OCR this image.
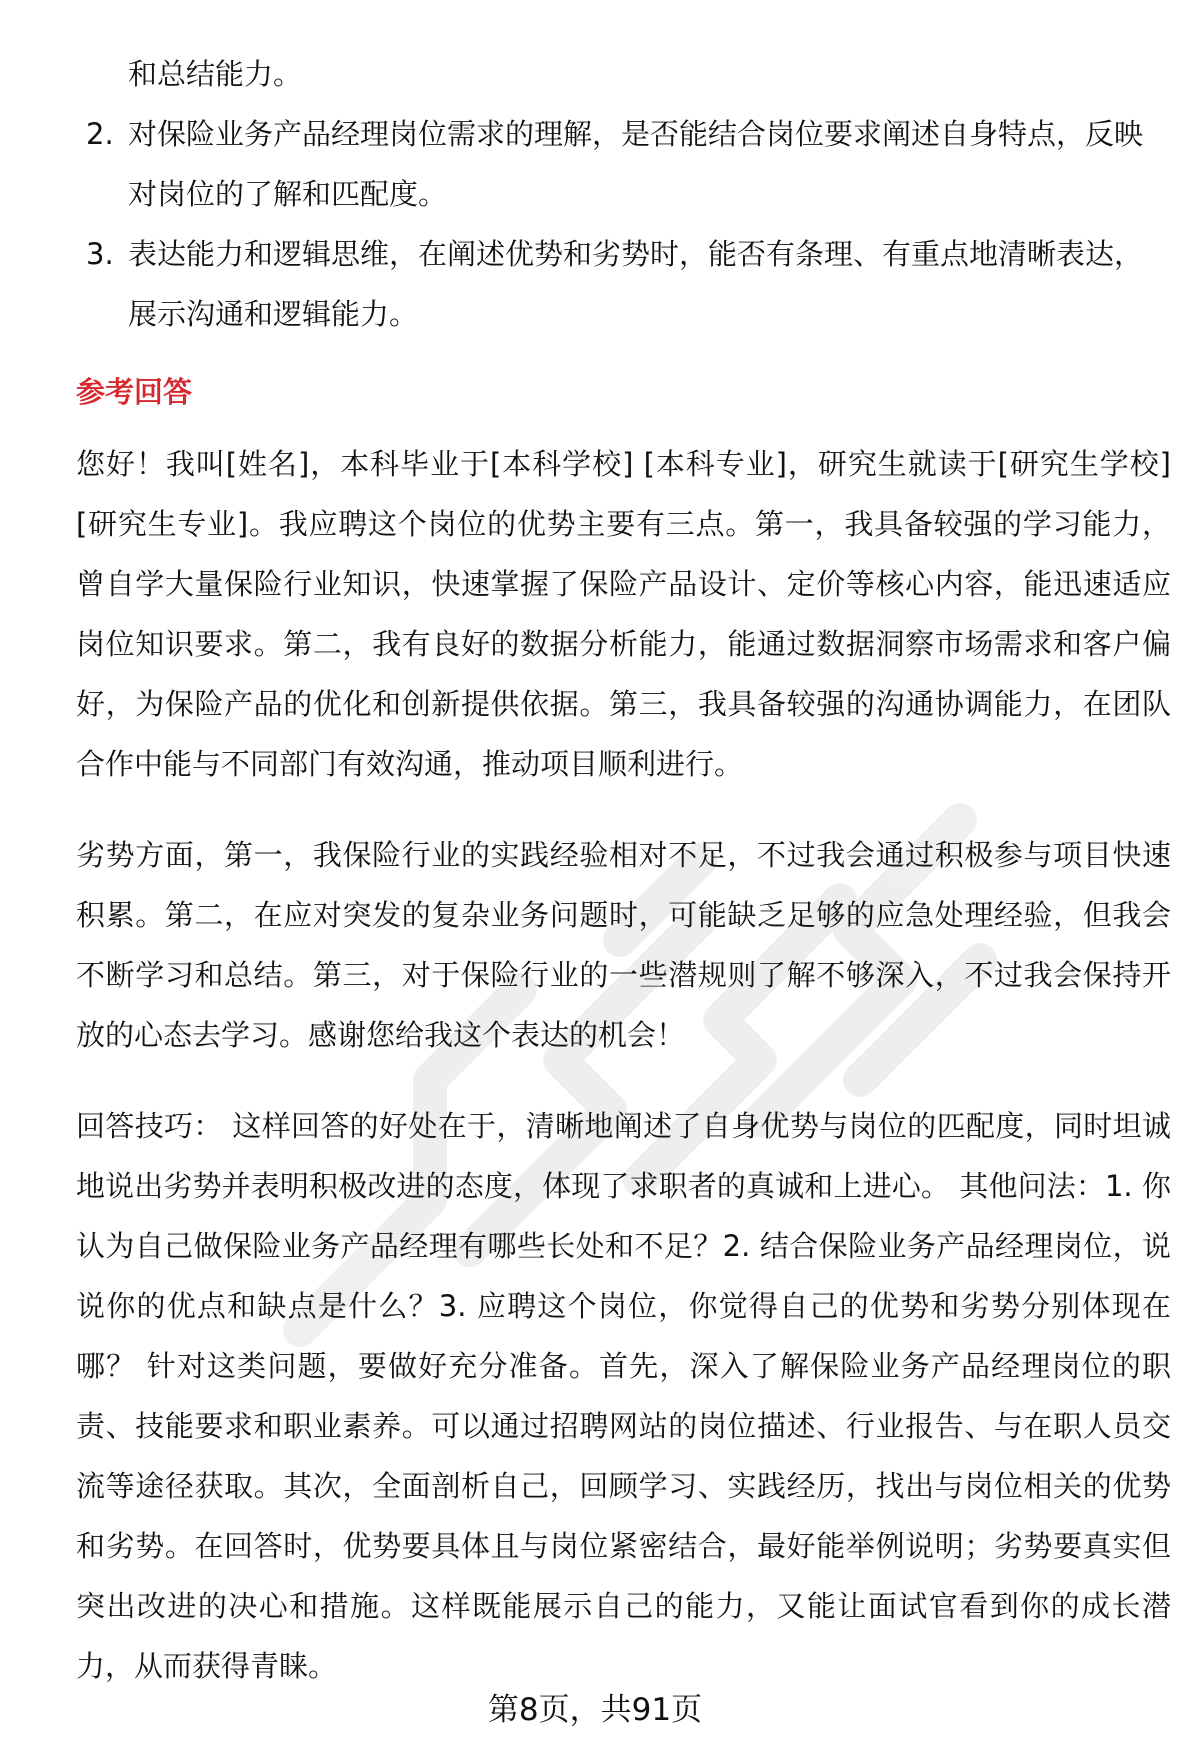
和总结能力。
2. 对保险业务产品经理岗位需求的理解，是否能结合岗位要求阐述自身特点，反映对岗位的了解和匹配度。
3. 表达能力和逻辑思维，在阐述优势和劣势时，能否有条理、有重点地清晰表达，展示沟通和逻辑能力。
参考回答

您好！我叫[姓名]，本科毕业于[本科学校] [本科专业]，研究生就读于[研究生学校] [研究生专业]。我应聘这个岗位的优势主要有三点。第一，我具备较强的学习能力，曾自学大量保险行业知识，快速掌握了保险产品设计、定价等核心内容，能迅速适应岗位知识要求。第二，我有良好的数据分析能力，能通过数据洞察市场需求和客户偏好，为保险产品的优化和创新提供依据。第三，我具备较强的沟通协调能力，在团队合作中能与不同部门有效沟通，推动项目顺利进行。

劣势方面，第一，我保险行业的实践经验相对不足，不过我会通过积极参与项目快速积累。第二，在应对突发的复杂业务问题时，可能缺乏足够的应急处理经验，但我会不断学习和总结。第三，对于保险行业的一些潜规则了解不够深入，不过我会保持开放的心态去学习。感谢您给我这个表达的机会！

回答技巧： 这样回答的好处在于，清晰地阐述了自身优势与岗位的匹配度，同时坦诚地说出劣势并表明积极改进的态度，体现了求职者的真诚和上进心。 其他问法：1. 你认为自己做保险业务产品经理有哪些长处和不足？2. 结合保险业务产品经理岗位，说说你的优点和缺点是什么？3. 应聘这个岗位，你觉得自己的优势和劣势分别体现在哪？ 针对这类问题，要做好充分准备。首先，深入了解保险业务产品经理岗位的职责、技能要求和职业素养。可以通过招聘网站的岗位描述、行业报告、与在职人员交流等途径获取。其次，全面剖析自己，回顾学习、实践经历，找出与岗位相关的优势和劣势。在回答时，优势要具体且与岗位紧密结合，最好能举例说明；劣势要真实但突出改进的决心和措施。这样既能展示自己的能力，又能让面试官看到你的成长潜力，从而获得青睐。

第8页，共91页
